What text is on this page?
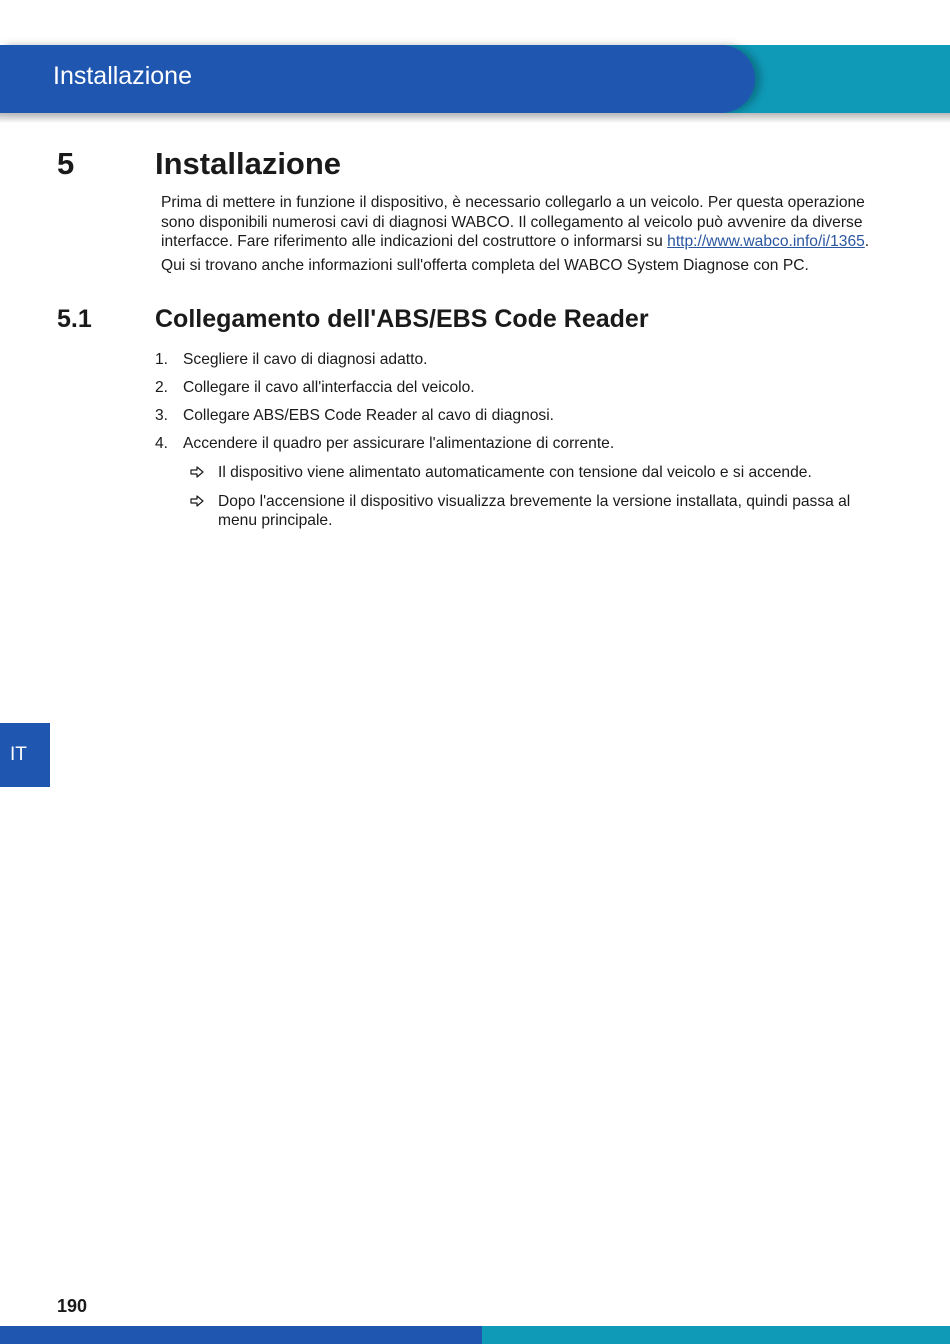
Installazione
5	Installazione

Prima di mettere in funzione il dispositivo, è necessario collegarlo a un veicolo. Per questa operazione sono disponibili numerosi cavi di diagnosi WABCO. Il collegamento al veicolo può avvenire da diverse interfacce. Fare riferimento alle indicazioni del costruttore o informarsi su http://www.wabco.info/i/1365.

Qui si trovano anche informazioni sull'offerta completa del WABCO System Diagnose con PC.

5.1	Collegamento dell'ABS/EBS Code Reader
1. Scegliere il cavo di diagnosi adatto.
2. Collegare il cavo all'interfaccia del veicolo.
3. Collegare ABS/EBS Code Reader al cavo di diagnosi.
4. Accendere il quadro per assicurare l'alimentazione di corrente.
Il dispositivo viene alimentato automaticamente con tensione dal veicolo e si accende.
Dopo l'accensione il dispositivo visualizza brevemente la versione installata, quindi passa al menu principale.
IT
190
